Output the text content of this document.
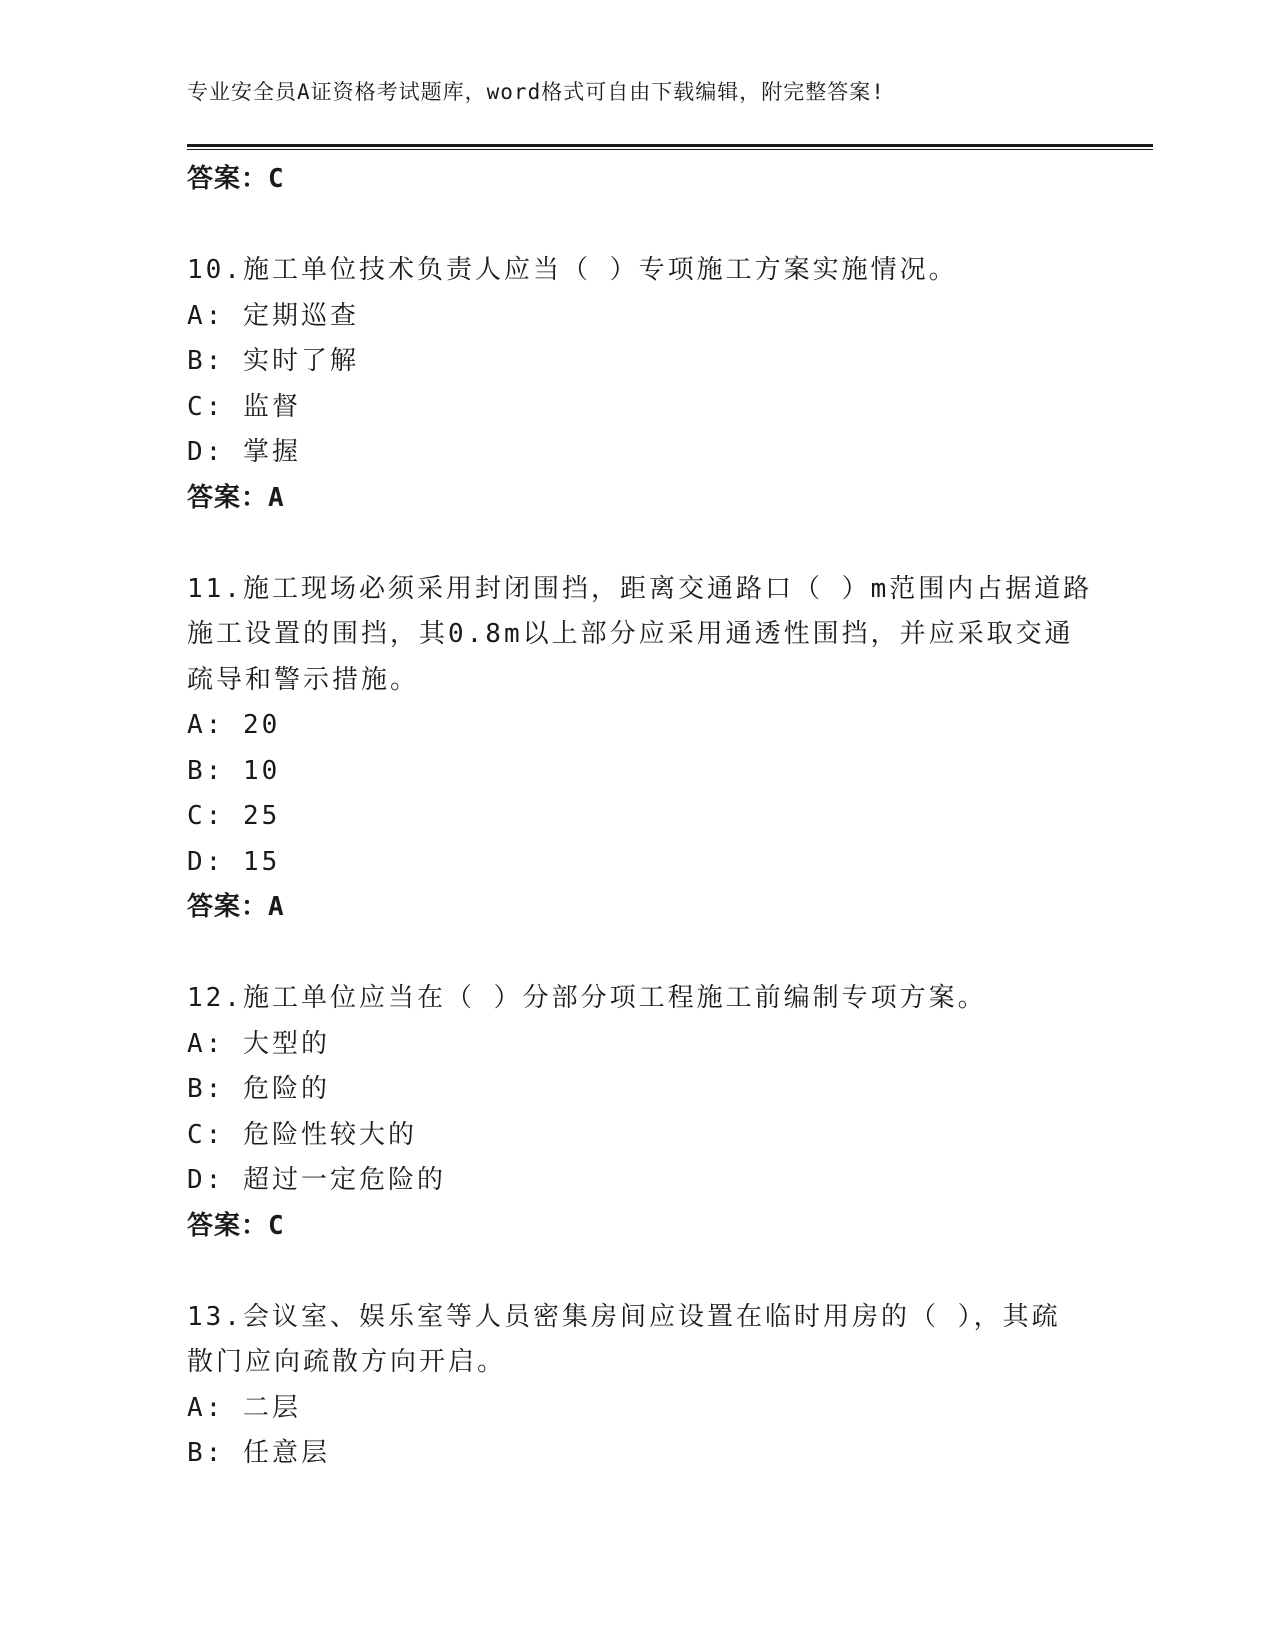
专业安全员A证资格考试题库，word格式可自由下载编辑，附完整答案!
答案：C
10.施工单位技术负责人应当（ ）专项施工方案实施情况。
A: 定期巡查
B: 实时了解
C: 监督
D: 掌握
答案：A
11.施工现场必须采用封闭围挡，距离交通路口（ ）m范围内占据道路
施工设置的围挡，其0.8m以上部分应采用通透性围挡，并应采取交通
疏导和警示措施。
A: 20
B: 10
C: 25
D: 15
答案：A
12.施工单位应当在（ ）分部分项工程施工前编制专项方案。
A: 大型的
B: 危险的
C: 危险性较大的
D: 超过一定危险的
答案：C
13.会议室、娱乐室等人员密集房间应设置在临时用房的（ ），其疏
散门应向疏散方向开启。
A: 二层
B: 任意层
